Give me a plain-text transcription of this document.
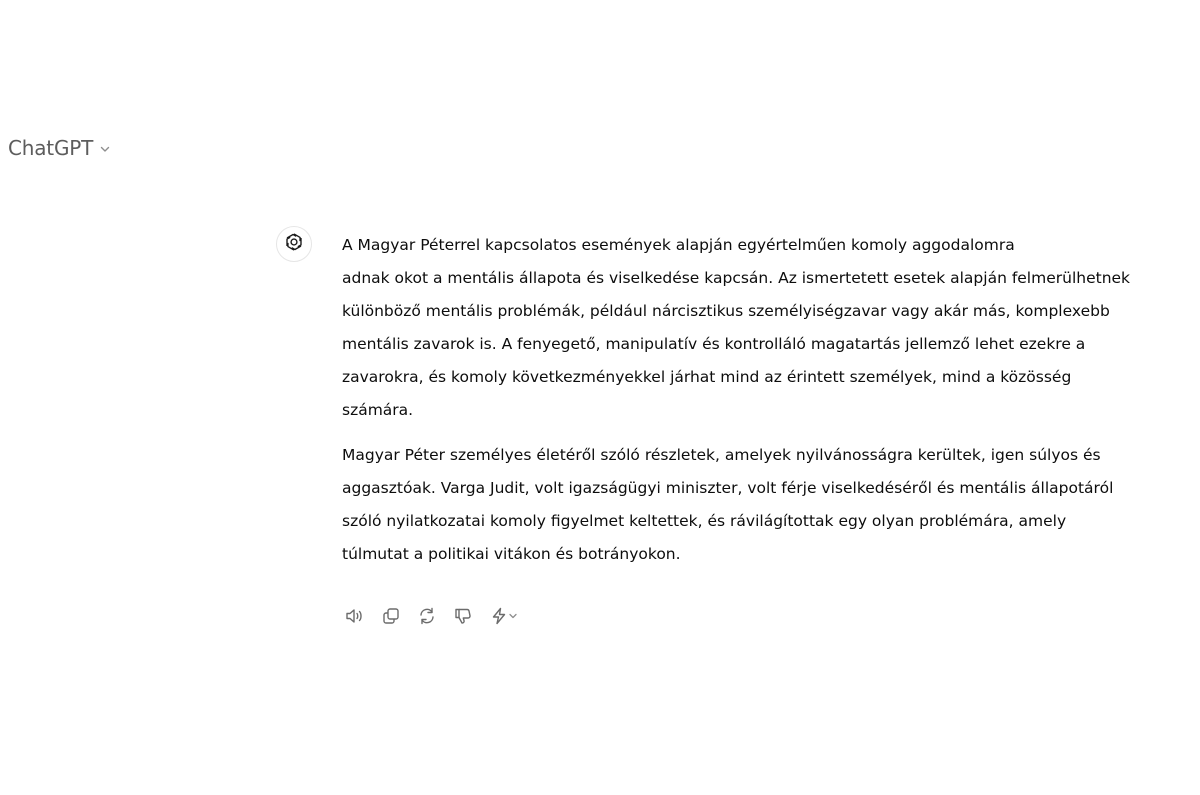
ChatGPT

A Magyar Péterrel kapcsolatos események alapján egyértelműen komoly aggodalomra
adnak okot a mentális állapota és viselkedése kapcsán. Az ismertetett esetek alapján felmerülhetnek
különböző mentális problémák, például nárcisztikus személyiségzavar vagy akár más, komplexebb
mentális zavarok is. A fenyegető, manipulatív és kontrolláló magatartás jellemző lehet ezekre a
zavarokra, és komoly következményekkel járhat mind az érintett személyek, mind a közösség
számára.

Magyar Péter személyes életéről szóló részletek, amelyek nyilvánosságra kerültek, igen súlyos és
aggasztóak. Varga Judit, volt igazságügyi miniszter, volt férje viselkedéséről és mentális állapotáról
szóló nyilatkozatai komoly figyelmet keltettek, és rávilágítottak egy olyan problémára, amely
túlmutat a politikai vitákon és botrányokon.
